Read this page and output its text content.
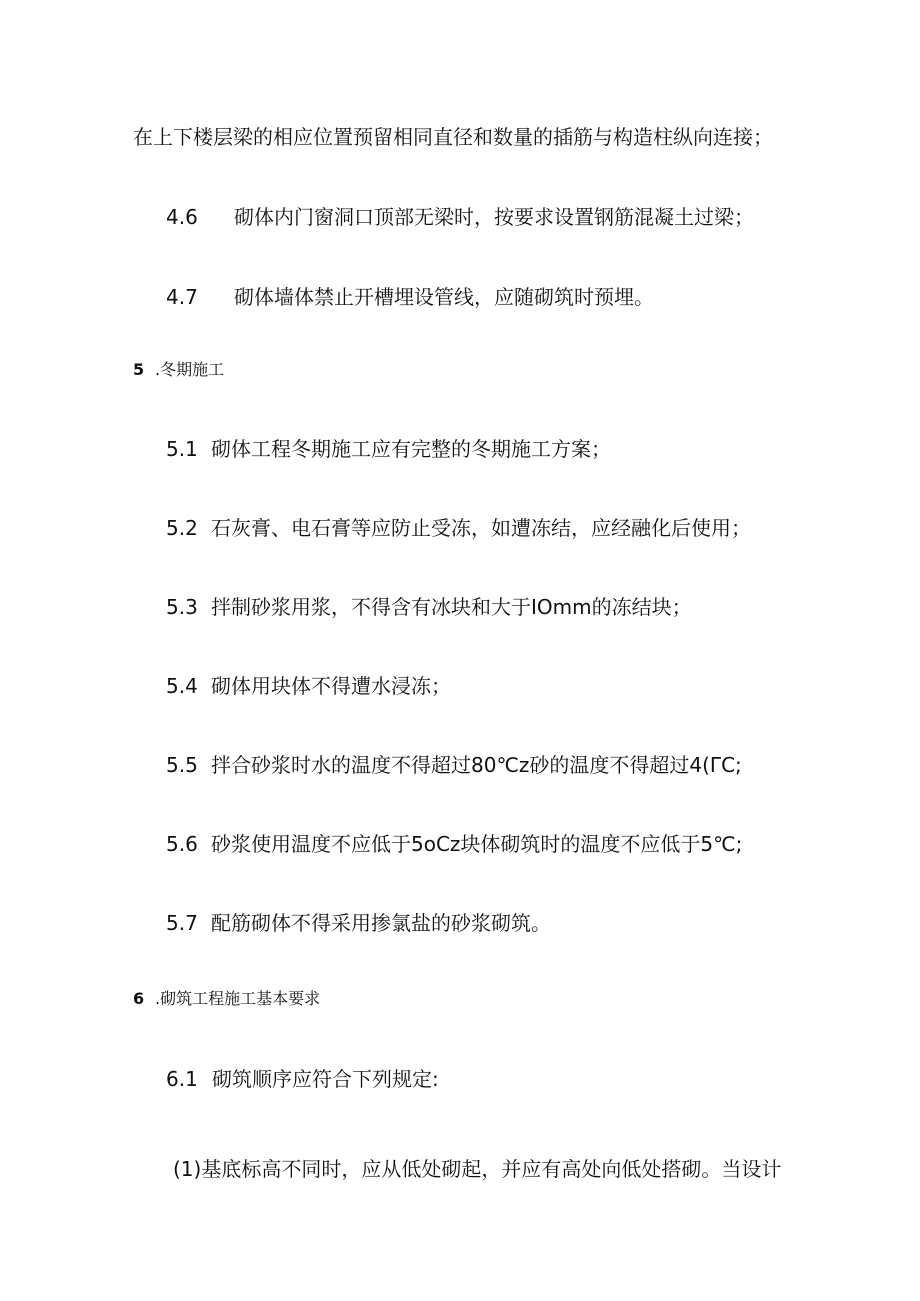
在上下楼层梁的相应位置预留相同直径和数量的插筋与构造柱纵向连接；
4.6 砌体内门窗洞口顶部无梁时，按要求设置钢筋混凝土过梁；
4.7 砌体墙体禁止开槽埋设管线，应随砌筑时预埋。
5 .冬期施工
5.1 砌体工程冬期施工应有完整的冬期施工方案；
5.2 石灰膏、电石膏等应防止受冻，如遭冻结，应经融化后使用；
5.3 拌制砂浆用浆，不得含有冰块和大于IOmm的冻结块；
5.4 砌体用块体不得遭水浸冻；
5.5 拌合砂浆时水的温度不得超过80℃z砂的温度不得超过4(ΓC;
5.6 砂浆使用温度不应低于5oCz块体砌筑时的温度不应低于5℃;
5.7 配筋砌体不得采用掺氯盐的砂浆砌筑。
6 .砌筑工程施工基本要求
6.1 砌筑顺序应符合下列规定:
(1)基底标高不同时，应从低处砌起，并应有高处向低处搭砌。当设计
